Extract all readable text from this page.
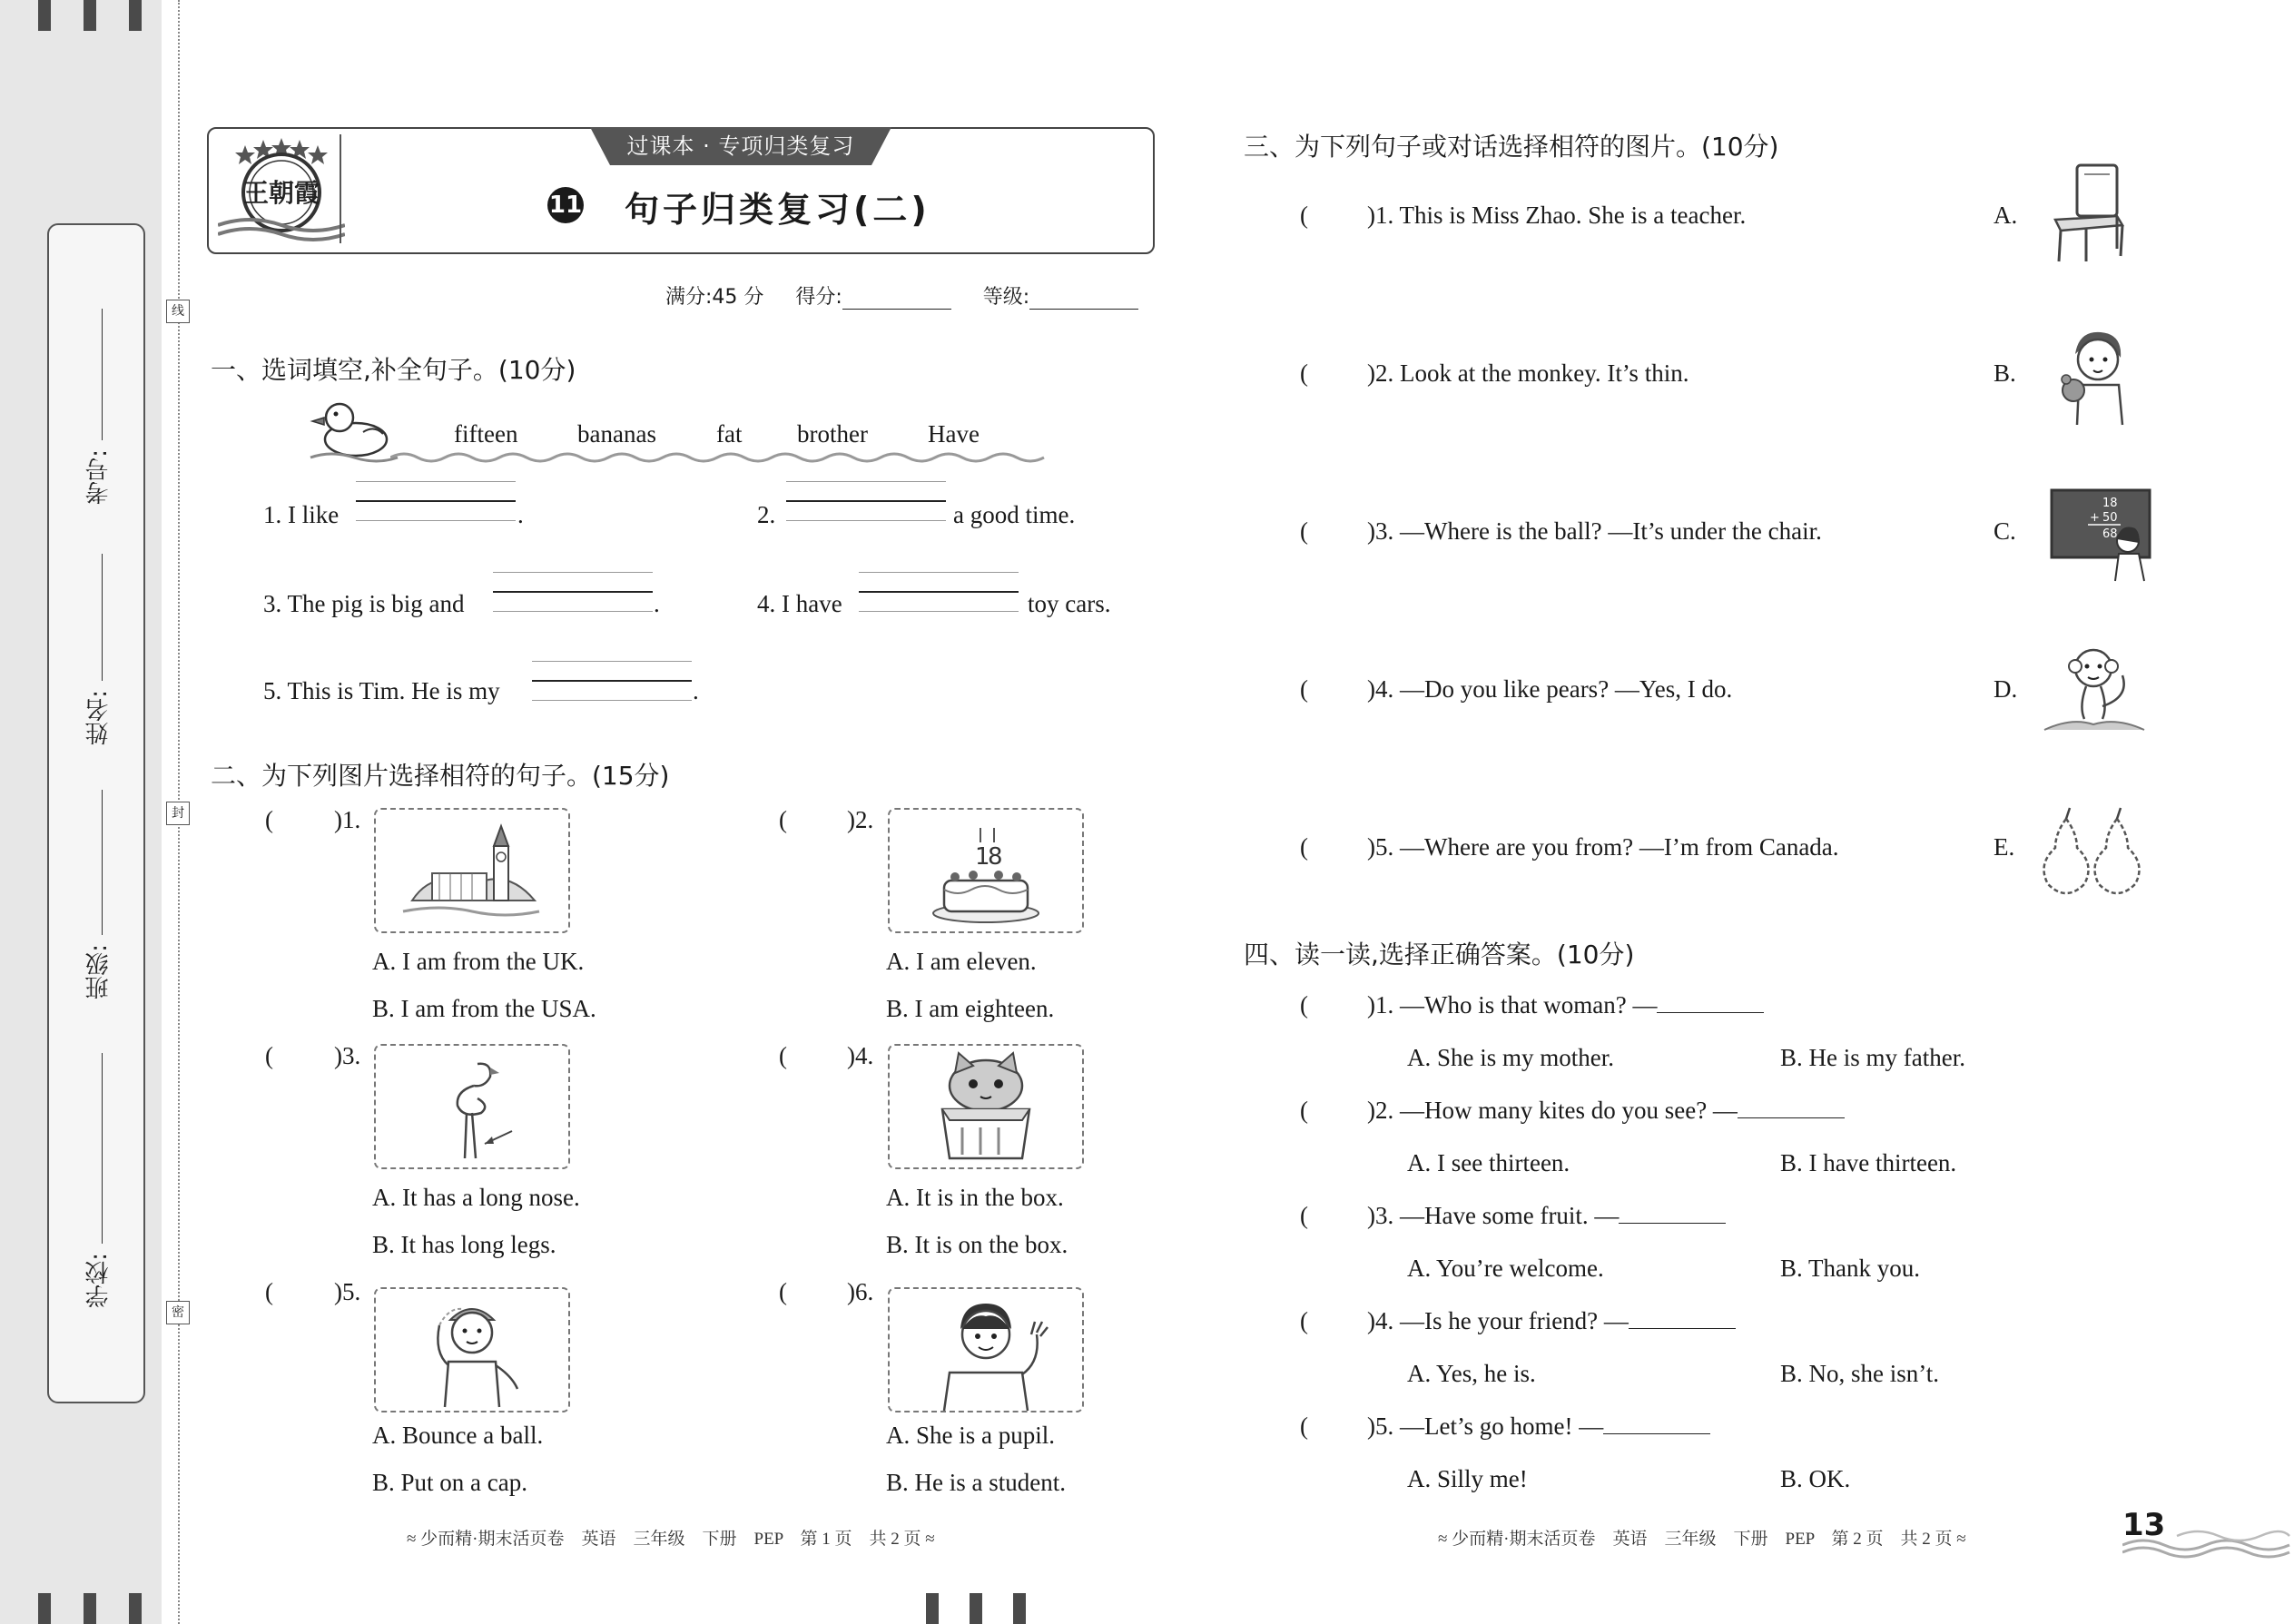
学校:
班级:
姓名:
考号:
线
封
密
王朝霞
过课本 · 专项归类复习
11 句子归类复习(二)
满分:45 分 得分:	等级:
一、选词填空,补全句子。(10分)
fifteen bananas fat brother Have
1. I like	.	2.	a good time.
3. The pig is big and	.	4. I have	toy cars.
5. This is Tim. He is my	.
二、为下列图片选择相符的句子。(15分)
( )1.
A. I am from the UK.
B. I am from the USA.
( )2.
1
8
A. I am eleven.
B. I am eighteen.
( )3.
A. It has a long nose.
B. It has long legs.
( )4.
A. It is in the box.
B. It is on the box.
( )5.
A. Bounce a ball.
B. Put on a cap.
( )6.
A. She is a pupil.
B. He is a student.
≈ 少而精·期末活页卷　英语　三年级　下册　PEP　第 1 页　共 2 页 ≈
三、为下列句子或对话选择相符的图片。(10分)
( )1. This is Miss Zhao. She is a teacher.	A.
( )2. Look at the monkey. It’s thin.	B.
( )3. —Where is the ball? —It’s under the chair.	C.
18
+ 50
68
( )4. —Do you like pears? —Yes, I do.	D.
( )5. —Where are you from? —I’m from Canada.	E.
四、读一读,选择正确答案。(10分)
( )1. —Who is that woman? —
A. She is my mother.	B. He is my father.
( )2. —How many kites do you see? —
A. I see thirteen.	B. I have thirteen.
( )3. —Have some fruit. —
A. You’re welcome.	B. Thank you.
( )4. —Is he your friend? —
A. Yes, he is.	B. No, she isn’t.
( )5. —Let’s go home! —
A. Silly me!	B. OK.
≈ 少而精·期末活页卷　英语　三年级　下册　PEP　第 2 页　共 2 页 ≈	13
